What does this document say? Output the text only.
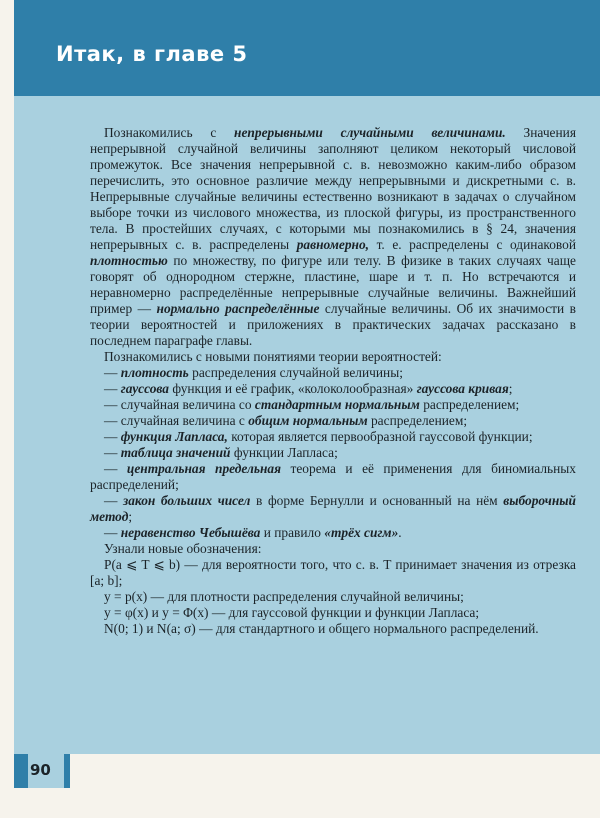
Итак, в главе 5

Познакомились с непрерывными случайными величинами. Значения непрерывной случайной величины заполняют целиком некоторый числовой промежуток. Все значения непрерывной с. в. невозможно каким-либо образом перечислить, это основное различие между непрерывными и дискретными с. в. Непрерывные случайные величины естественно возникают в задачах о случайном выборе точки из числового множества, из плоской фигуры, из пространственного тела. В простейших случаях, с которыми мы познакомились в § 24, значения непрерывных с. в. распределены равномерно, т. е. распределены с одинаковой плотностью по множеству, по фигуре или телу. В физике в таких случаях чаще говорят об однородном стержне, пластине, шаре и т. п. Но встречаются и неравномерно распределённые непрерывные случайные величины. Важнейший пример — нормально распределённые случайные величины. Об их значимости в теории вероятностей и приложениях в практических задачах рассказано в последнем параграфе главы.

Познакомились с новыми понятиями теории вероятностей:

— плотность распределения случайной величины;

— гауссова функция и её график, «колоколообразная» гауссова кривая;

— случайная величина со стандартным нормальным распределением;

— случайная величина с общим нормальным распределением;

— функция Лапласа, которая является первообразной гауссовой функции;

— таблица значений функции Лапласа;

— центральная предельная теорема и её применения для биномиальных распределений;

— закон больших чисел в форме Бернулли и основанный на нём выборочный метод;

— неравенство Чебышёва и правило «трёх сигм».

Узнали новые обозначения:

P(a ⩽ T ⩽ b) — для вероятности того, что с. в. T принимает значения из отрезка [a; b];

y = p(x) — для плотности распределения случайной величины;

y = φ(x) и y = Φ(x) — для гауссовой функции и функции Лапласа;

N(0; 1) и N(a; σ) — для стандартного и общего нормального распределений.

90
